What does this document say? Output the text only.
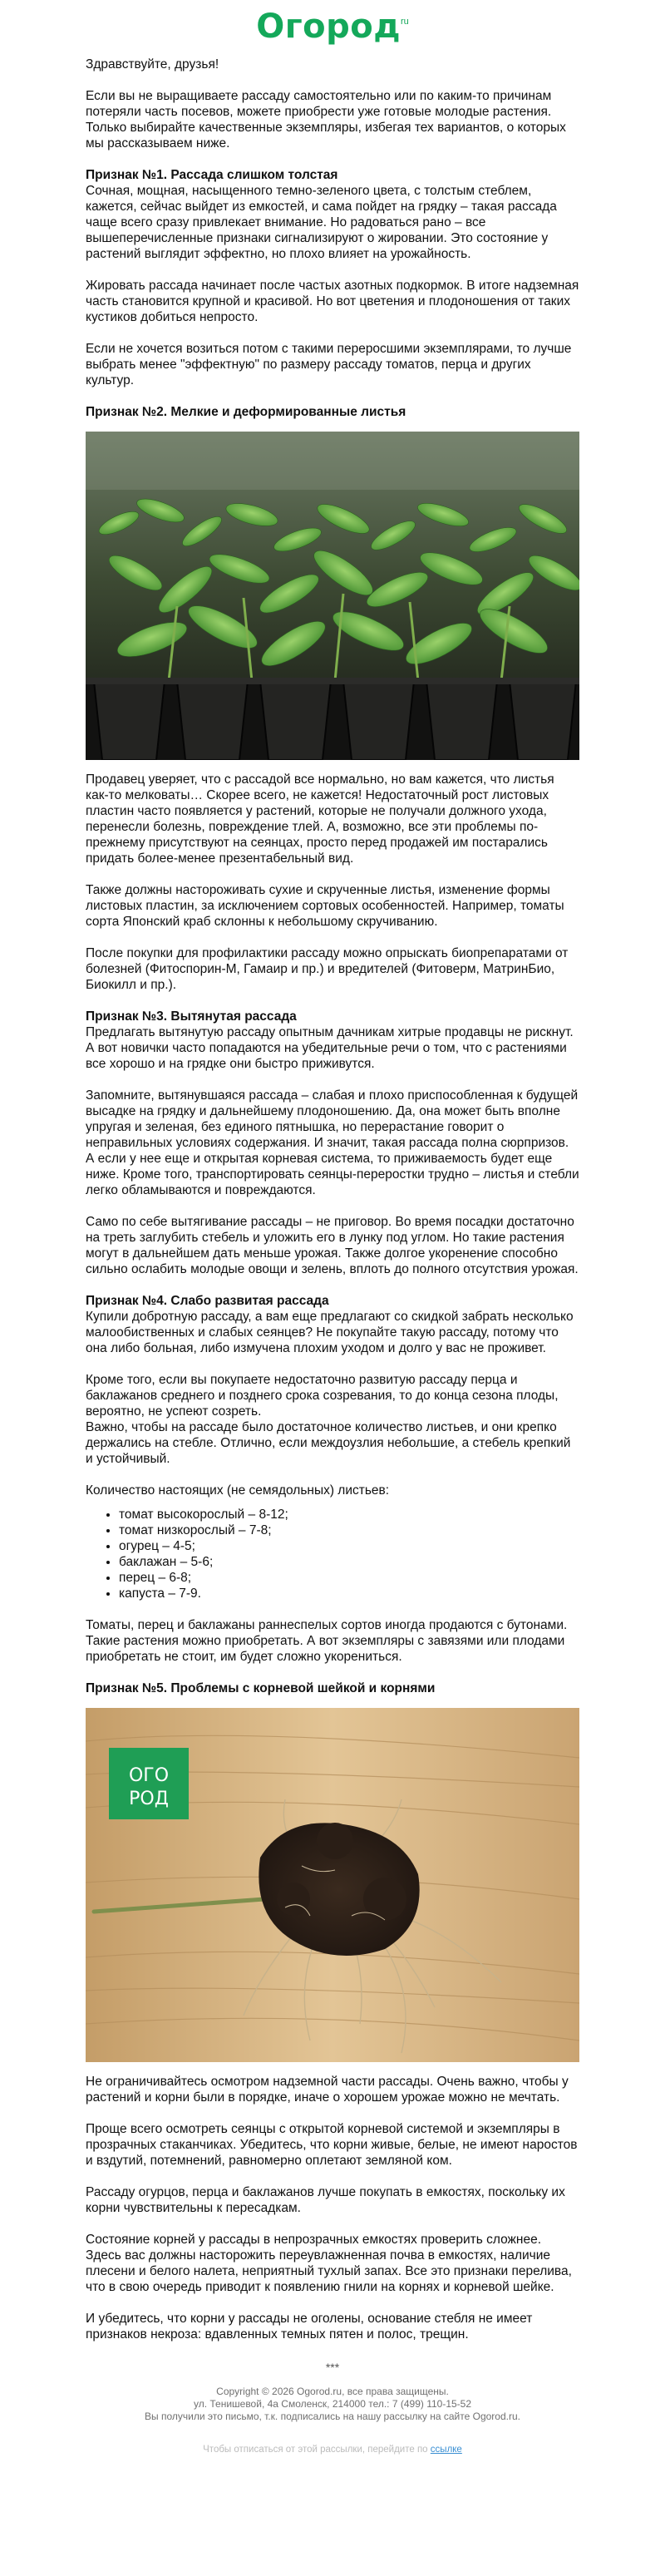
Огород$^{ru}$

Здравствуйте, друзья!

Если вы не выращиваете рассаду самостоятельно или по каким-то причинам потеряли часть посевов, можете приобрести уже готовые молодые растения. Только выбирайте качественные экземпляры, избегая тех вариантов, о которых мы рассказываем ниже.

Признак №1. Рассада слишком толстая

Сочная, мощная, насыщенного темно-зеленого цвета, с толстым стеблем, кажется, сейчас выйдет из емкостей, и сама пойдет на грядку – такая рассада чаще всего сразу привлекает внимание. Но радоваться рано – все вышеперечисленные признаки сигнализируют о жировании. Это состояние у растений выглядит эффектно, но плохо влияет на урожайность.

Жировать рассада начинает после частых азотных подкормок. В итоге надземная часть становится крупной и красивой. Но вот цветения и плодоношения от таких кустиков добиться непросто.

Если не хочется возиться потом с такими переросшими экземплярами, то лучше выбрать менее "эффектную" по размеру рассаду томатов, перца и других культур.

Признак №2. Мелкие и деформированные листья

Продавец уверяет, что с рассадой все нормально, но вам кажется, что листья как-то мелковаты… Скорее всего, не кажется! Недостаточный рост листовых пластин часто появляется у растений, которые не получали должного ухода, перенесли болезнь, повреждение тлей. А, возможно, все эти проблемы по-прежнему присутствуют на сеянцах, просто перед продажей им постарались придать более-менее презентабельный вид.

Также должны настороживать сухие и скрученные листья, изменение формы листовых пластин, за исключением сортовых особенностей. Например, томаты сорта Японский краб склонны к небольшому скручиванию.

После покупки для профилактики рассаду можно опрыскать биопрепаратами от болезней (Фитоспорин-М, Гамаир и пр.) и вредителей (Фитоверм, МатринБио, Биокилл и пр.).

Признак №3. Вытянутая рассада

Предлагать вытянутую рассаду опытным дачникам хитрые продавцы не рискнут. А вот новички часто попадаются на убедительные речи о том, что с растениями все хорошо и на грядке они быстро приживутся.

Запомните, вытянувшаяся рассада – слабая и плохо приспособленная к будущей высадке на грядку и дальнейшему плодоношению. Да, она может быть вполне упругая и зеленая, без единого пятнышка, но перерастание говорит о неправильных условиях содержания. И значит, такая рассада полна сюрпризов. А если у нее еще и открытая корневая система, то приживаемость будет еще ниже. Кроме того, транспортировать сеянцы-переростки трудно – листья и стебли легко обламываются и повреждаются.

Само по себе вытягивание рассады – не приговор. Во время посадки достаточно на треть заглубить стебель и уложить его в лунку под углом. Но такие растения могут в дальнейшем дать меньше урожая. Также долгое укоренение способно сильно ослабить молодые овощи и зелень, вплоть до полного отсутствия урожая.

Признак №4. Слабо развитая рассада

Купили добротную рассаду, а вам еще предлагают со скидкой забрать несколько малообиственных и слабых сеянцев? Не покупайте такую рассаду, потому что она либо больная, либо измучена плохим уходом и долго у вас не проживет.

Кроме того, если вы покупаете недостаточно развитую рассаду перца и баклажанов среднего и позднего срока созревания, то до конца сезона плоды, вероятно, не успеют созреть.

Важно, чтобы на рассаде было достаточное количество листьев, и они крепко держались на стебле. Отлично, если междоузлия небольшие, а стебель крепкий и устойчивый.

Количество настоящих (не семядольных) листьев:

• томат высокорослый – 8-12;
• томат низкорослый – 7-8;
• огурец – 4-5;
• баклажан – 5-6;
• перец – 6-8;
• капуста – 7-9.

Томаты, перец и баклажаны раннеспелых сортов иногда продаются с бутонами. Такие растения можно приобретать. А вот экземпляры с завязями или плодами приобретать не стоит, им будет сложно укорениться.

Признак №5. Проблемы с корневой шейкой и корнями
ОГО
РОД

Не ограничивайтесь осмотром надземной части рассады. Очень важно, чтобы у растений и корни были в порядке, иначе о хорошем урожае можно не мечтать.

Проще всего осмотреть сеянцы с открытой корневой системой и экземпляры в прозрачных стаканчиках. Убедитесь, что корни живые, белые, не имеют наростов и вздутий, потемнений, равномерно оплетают земляной ком.

Рассаду огурцов, перца и баклажанов лучше покупать в емкостях, поскольку их корни чувствительны к пересадкам.

Состояние корней у рассады в непрозрачных емкостях проверить сложнее. Здесь вас должны насторожить переувлажненная почва в емкостях, наличие плесени и белого налета, неприятный тухлый запах. Все это признаки перелива, что в свою очередь приводит к появлению гнили на корнях и корневой шейке.

И убедитесь, что корни у рассады не оголены, основание стебля не имеет признаков некроза: вдавленных темных пятен и полос, трещин.

***
Copyright © 2026 Ogorod.ru, все права защищены.
ул. Тенишевой, 4а Смоленск, 214000 тел.: 7 (499) 110-15-52
Вы получили это письмо, т.к. подписались на нашу рассылку на сайте Ogorod.ru.
Чтобы отписаться от этой рассылки, перейдите по ссылке
